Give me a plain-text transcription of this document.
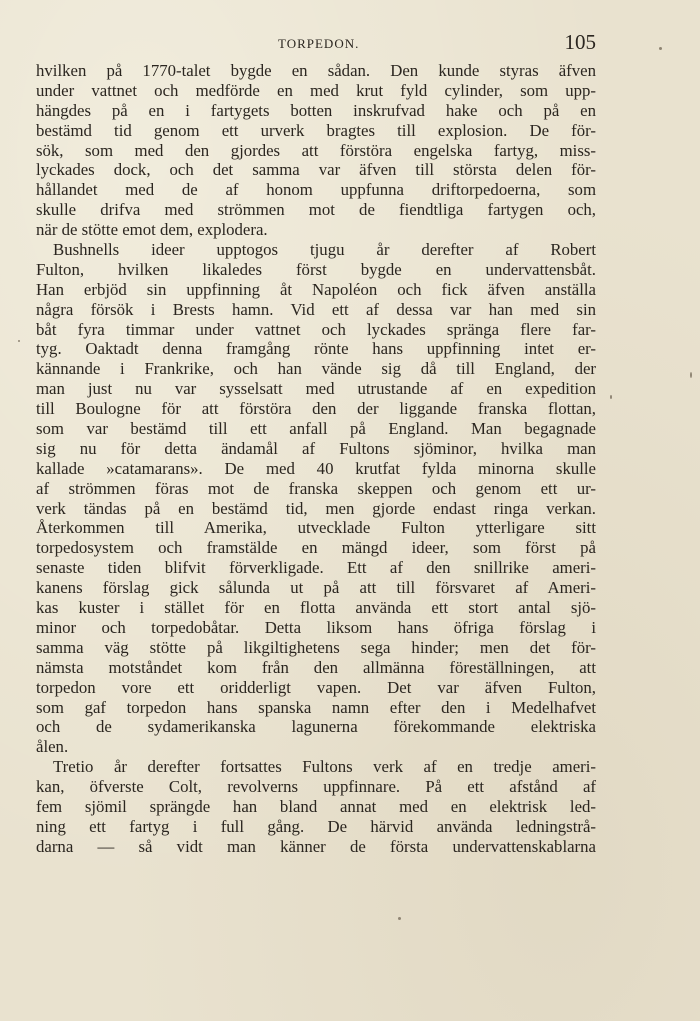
TORPEDON.	105
hvilken på 1770-talet bygde en sådan. Den kunde styras äfven
under vattnet och medförde en med krut fyld cylinder, som upp-
hängdes på en i fartygets botten inskrufvad hake och på en
bestämd tid genom ett urverk bragtes till explosion. De för-
sök, som med den gjordes att förstöra engelska fartyg, miss-
lyckades dock, och det samma var äfven till största delen för-
hållandet med de af honom uppfunna driftorpedoerna, som
skulle drifva med strömmen mot de fiendtliga fartygen och,
när de stötte emot dem, explodera.
Bushnells ideer upptogos tjugu år derefter af Robert
Fulton, hvilken likaledes först bygde en undervattensbåt.
Han erbjöd sin uppfinning åt Napoléon och fick äfven anställa
några försök i Brests hamn. Vid ett af dessa var han med sin
båt fyra timmar under vattnet och lyckades spränga flere far-
tyg. Oaktadt denna framgång rönte hans uppfinning intet er-
kännande i Frankrike, och han vände sig då till England, der
man just nu var sysselsatt med utrustande af en expedition
till Boulogne för att förstöra den der liggande franska flottan,
som var bestämd till ett anfall på England. Man begagnade
sig nu för detta ändamål af Fultons sjöminor, hvilka man
kallade »catamarans». De med 40 krutfat fylda minorna skulle
af strömmen föras mot de franska skeppen och genom ett ur-
verk tändas på en bestämd tid, men gjorde endast ringa verkan.
Återkommen till Amerika, utvecklade Fulton ytterligare sitt
torpedosystem och framstälde en mängd ideer, som först på
senaste tiden blifvit förverkligade. Ett af den snillrike ameri-
kanens förslag gick sålunda ut på att till försvaret af Ameri-
kas kuster i stället för en flotta använda ett stort antal sjö-
minor och torpedobåtar. Detta liksom hans öfriga förslag i
samma väg stötte på likgiltighetens sega hinder; men det för-
nämsta motståndet kom från den allmänna föreställningen, att
torpedon vore ett oridderligt vapen. Det var äfven Fulton,
som gaf torpedon hans spanska namn efter den i Medelhafvet
och de sydamerikanska lagunerna förekommande elektriska
ålen.
Tretio år derefter fortsattes Fultons verk af en tredje ameri-
kan, öfverste Colt, revolverns uppfinnare. På ett afstånd af
fem sjömil sprängde han bland annat med en elektrisk led-
ning ett fartyg i full gång. De härvid använda ledningstrå-
darna — så vidt man känner de första undervattenskablarna
